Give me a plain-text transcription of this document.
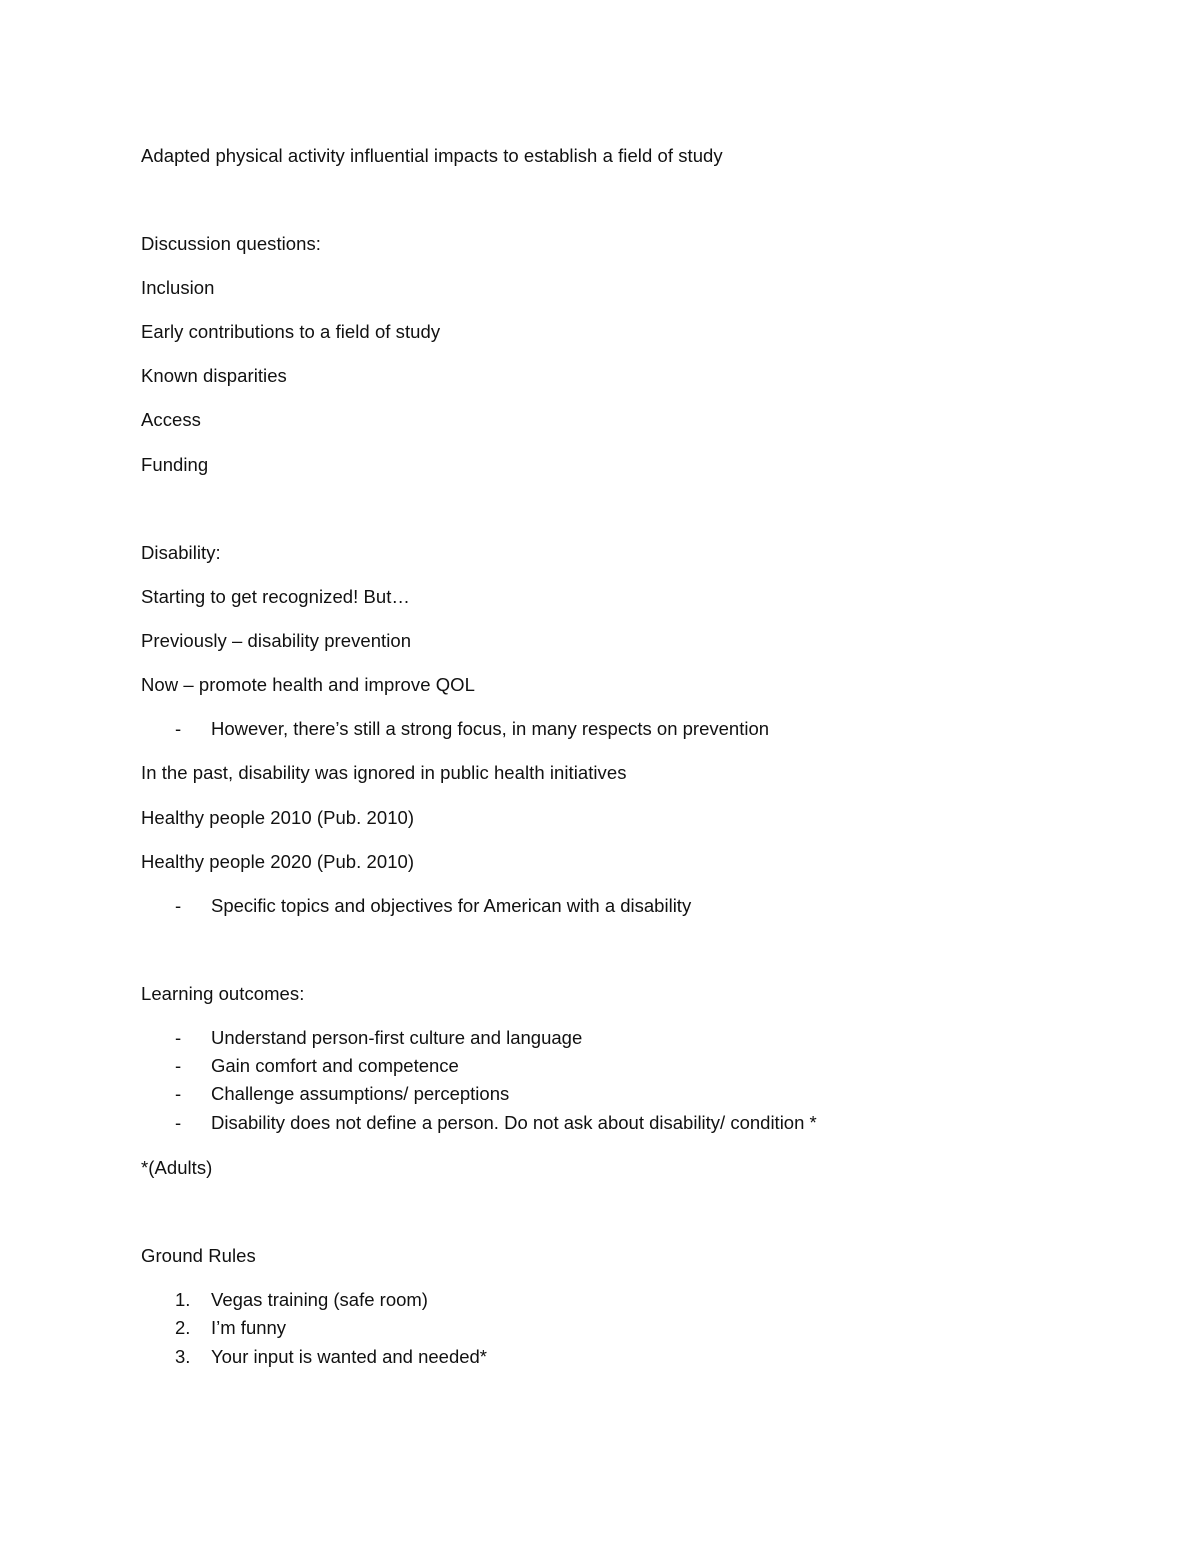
Adapted physical activity influential impacts to establish a field of study
Discussion questions:
Inclusion
Early contributions to a field of study
Known disparities
Access
Funding
Disability:
Starting to get recognized! But…
Previously – disability prevention
Now – promote health and improve QOL
- However, there’s still a strong focus, in many respects on prevention
In the past, disability was ignored in public health initiatives
Healthy people 2010 (Pub. 2010)
Healthy people 2020 (Pub. 2010)
- Specific topics and objectives for American with a disability
Learning outcomes:
- Understand person-first culture and language
- Gain comfort and competence
- Challenge assumptions/ perceptions
- Disability does not define a person. Do not ask about disability/ condition *
*(Adults)
Ground Rules
1. Vegas training (safe room)
2. I’m funny
3. Your input is wanted and needed*
